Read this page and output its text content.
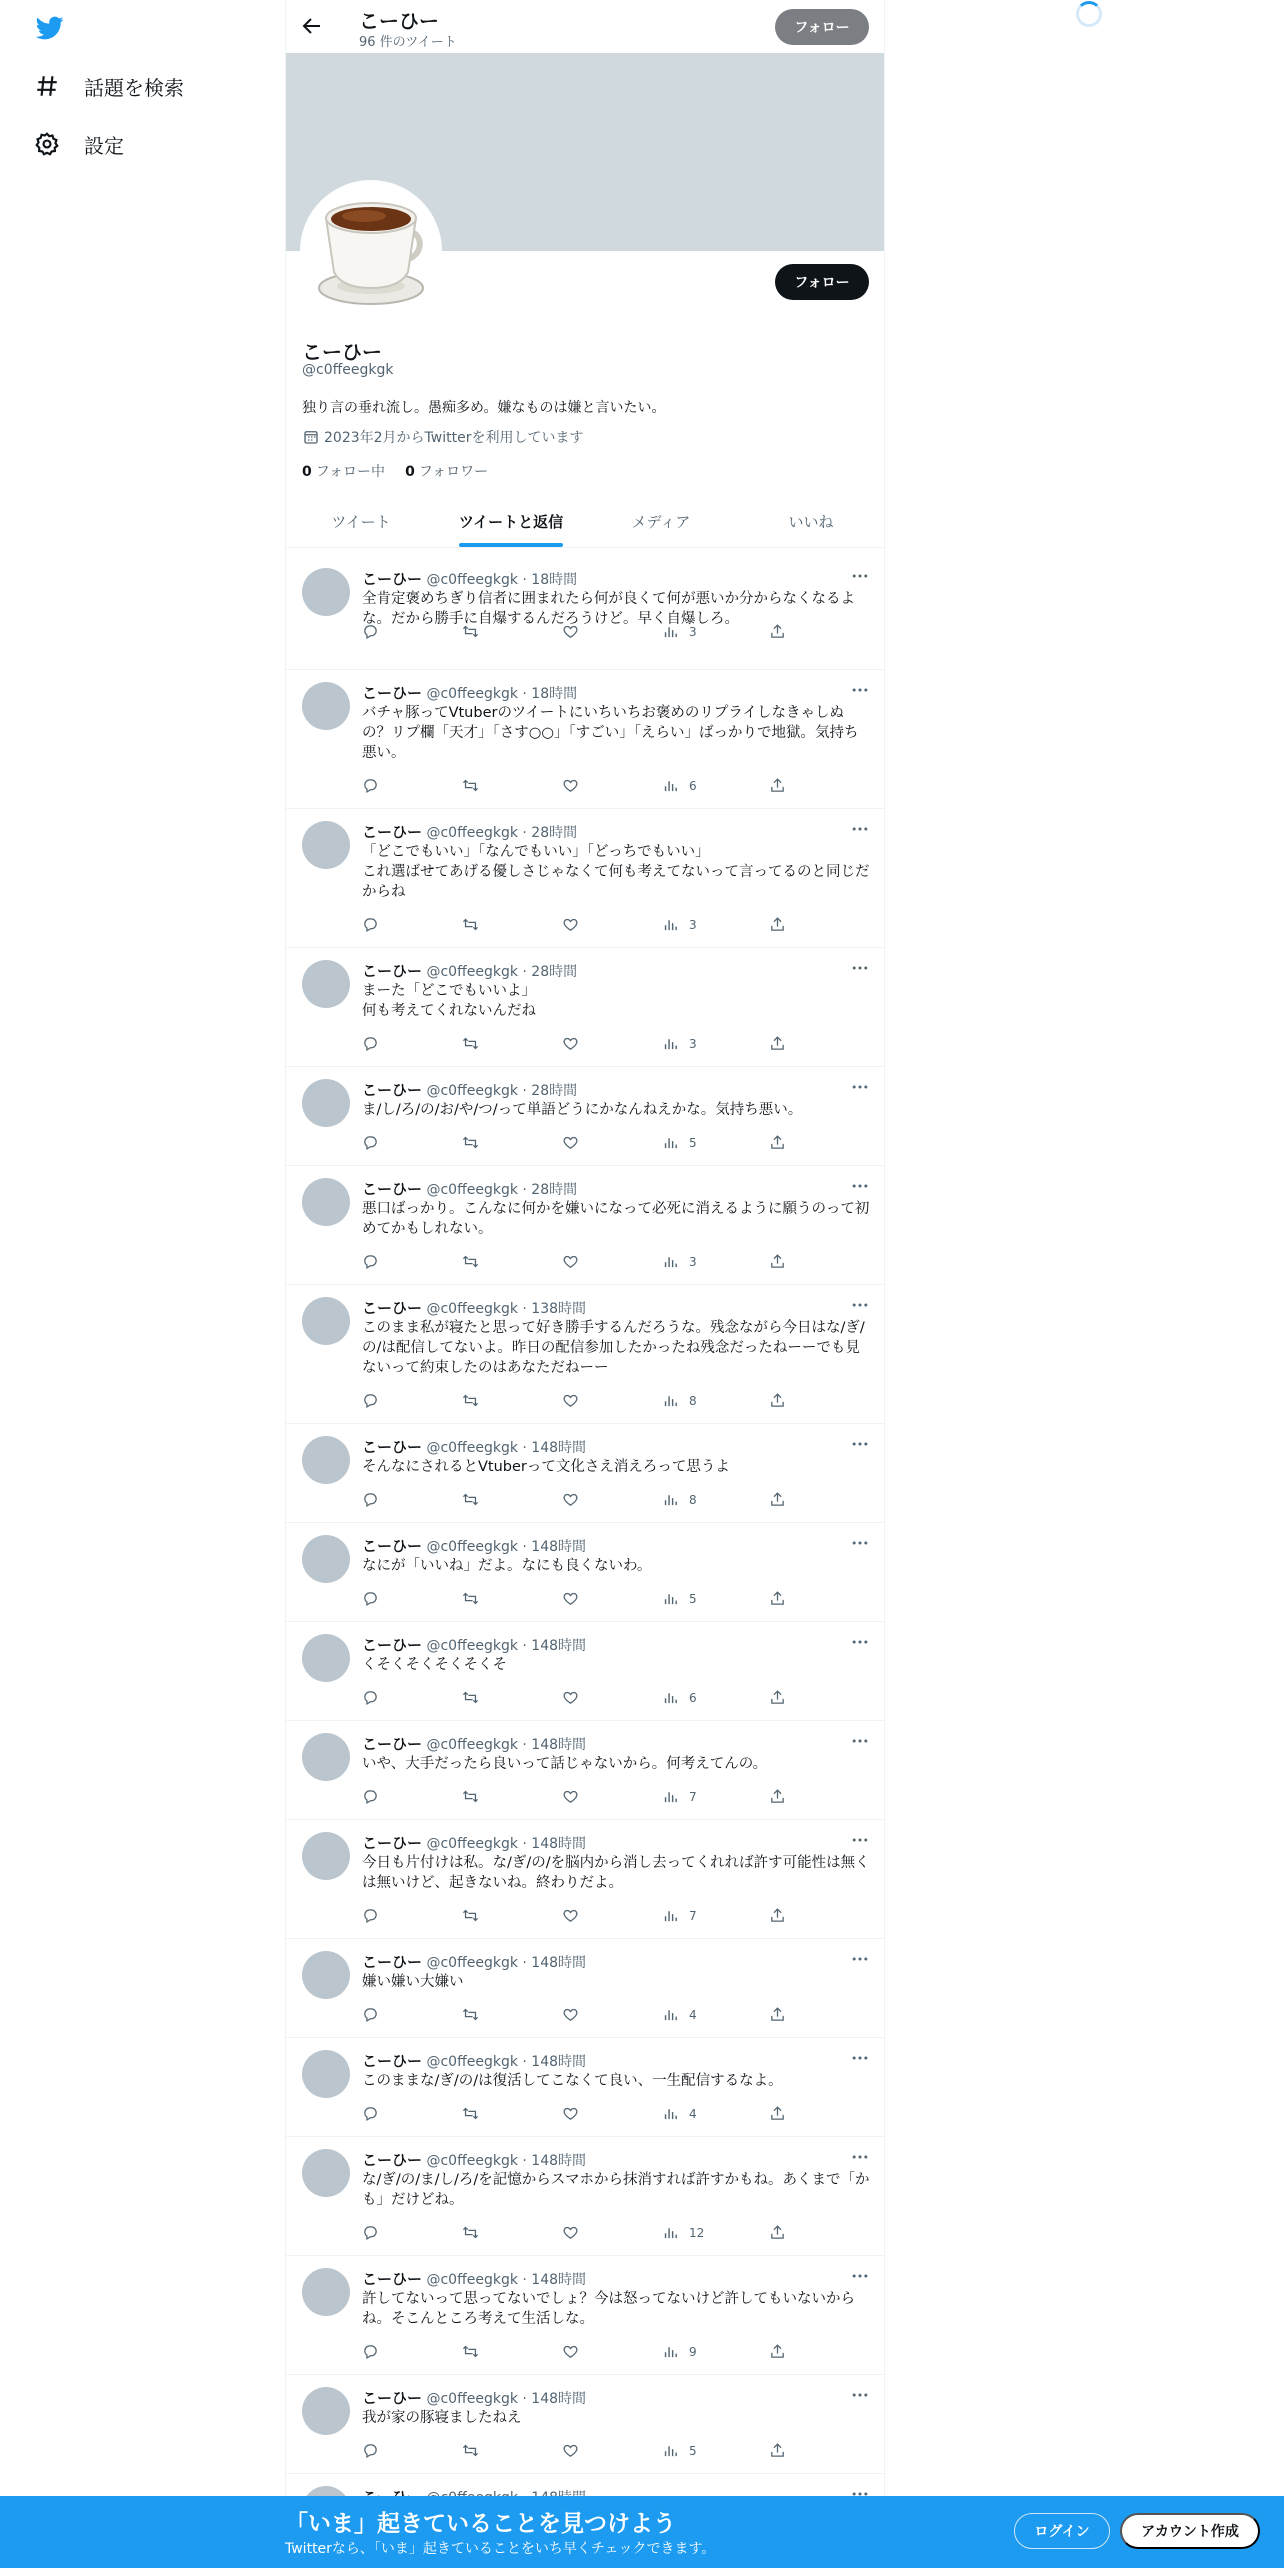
話題を検索
設定
こーひー
96 件のツイート
フォロー
フォロー
こーひー
@c0ffeegkgk
独り言の垂れ流し。愚痴多め。嫌なものは嫌と言いたい。
2023年2月からTwitterを利用しています
0 フォロー中 0 フォロワー
ツイート	ツイートと返信	メディア	いいね
こーひー @c0ffeegkgk · 18時間
全肯定褒めちぎり信者に囲まれたら何が良くて何が悪いか分からなくなるよな。だから勝手に自爆するんだろうけど。早く自爆しろ。
3
こーひー @c0ffeegkgk · 18時間
バチャ豚ってVtuberのツイートにいちいちお褒めのリプライしなきゃしぬの？リプ欄「天才」「さす○○」「すごい」「えらい」ばっかりで地獄。気持ち悪い。
6
こーひー @c0ffeegkgk · 28時間
「どこでもいい」「なんでもいい」「どっちでもいい」
これ選ばせてあげる優しさじゃなくて何も考えてないって言ってるのと同じだからね
3
こーひー @c0ffeegkgk · 28時間
まーた「どこでもいいよ」
何も考えてくれないんだね
3
こーひー @c0ffeegkgk · 28時間
ま/し/ろ/の/お/や/つ/って単語どうにかなんねえかな。気持ち悪い。
5
こーひー @c0ffeegkgk · 28時間
悪口ばっかり。こんなに何かを嫌いになって必死に消えるように願うのって初めてかもしれない。
3
こーひー @c0ffeegkgk · 138時間
このまま私が寝たと思って好き勝手するんだろうな。残念ながら今日はな/ぎ/の/は配信してないよ。昨日の配信参加したかったね残念だったねーーでも見ないって約束したのはあなただねーー
8
こーひー @c0ffeegkgk · 148時間
そんなにされるとVtuberって文化さえ消えろって思うよ
8
こーひー @c0ffeegkgk · 148時間
なにが「いいね」だよ。なにも良くないわ。
5
こーひー @c0ffeegkgk · 148時間
くそくそくそくそくそ
6
こーひー @c0ffeegkgk · 148時間
いや、大手だったら良いって話じゃないから。何考えてんの。
7
こーひー @c0ffeegkgk · 148時間
今日も片付けは私。な/ぎ/の/を脳内から消し去ってくれれば許す可能性は無くは無いけど、起きないね。終わりだよ。
7
こーひー @c0ffeegkgk · 148時間
嫌い嫌い大嫌い
4
こーひー @c0ffeegkgk · 148時間
このままな/ぎ/の/は復活してこなくて良い、一生配信するなよ。
4
こーひー @c0ffeegkgk · 148時間
な/ぎ/の/ま/し/ろ/を記憶からスマホから抹消すれば許すかもね。あくまで「かも」だけどね。
12
こーひー @c0ffeegkgk · 148時間
許してないって思ってないでしょ？今は怒ってないけど許してもいないからね。そこんところ考えて生活しな。
9
こーひー @c0ffeegkgk · 148時間
我が家の豚寝ましたねえ
5
「いま」起きていることを見つけよう
Twitterなら、「いま」起きていることをいち早くチェックできます。
ログイン	アカウント作成
